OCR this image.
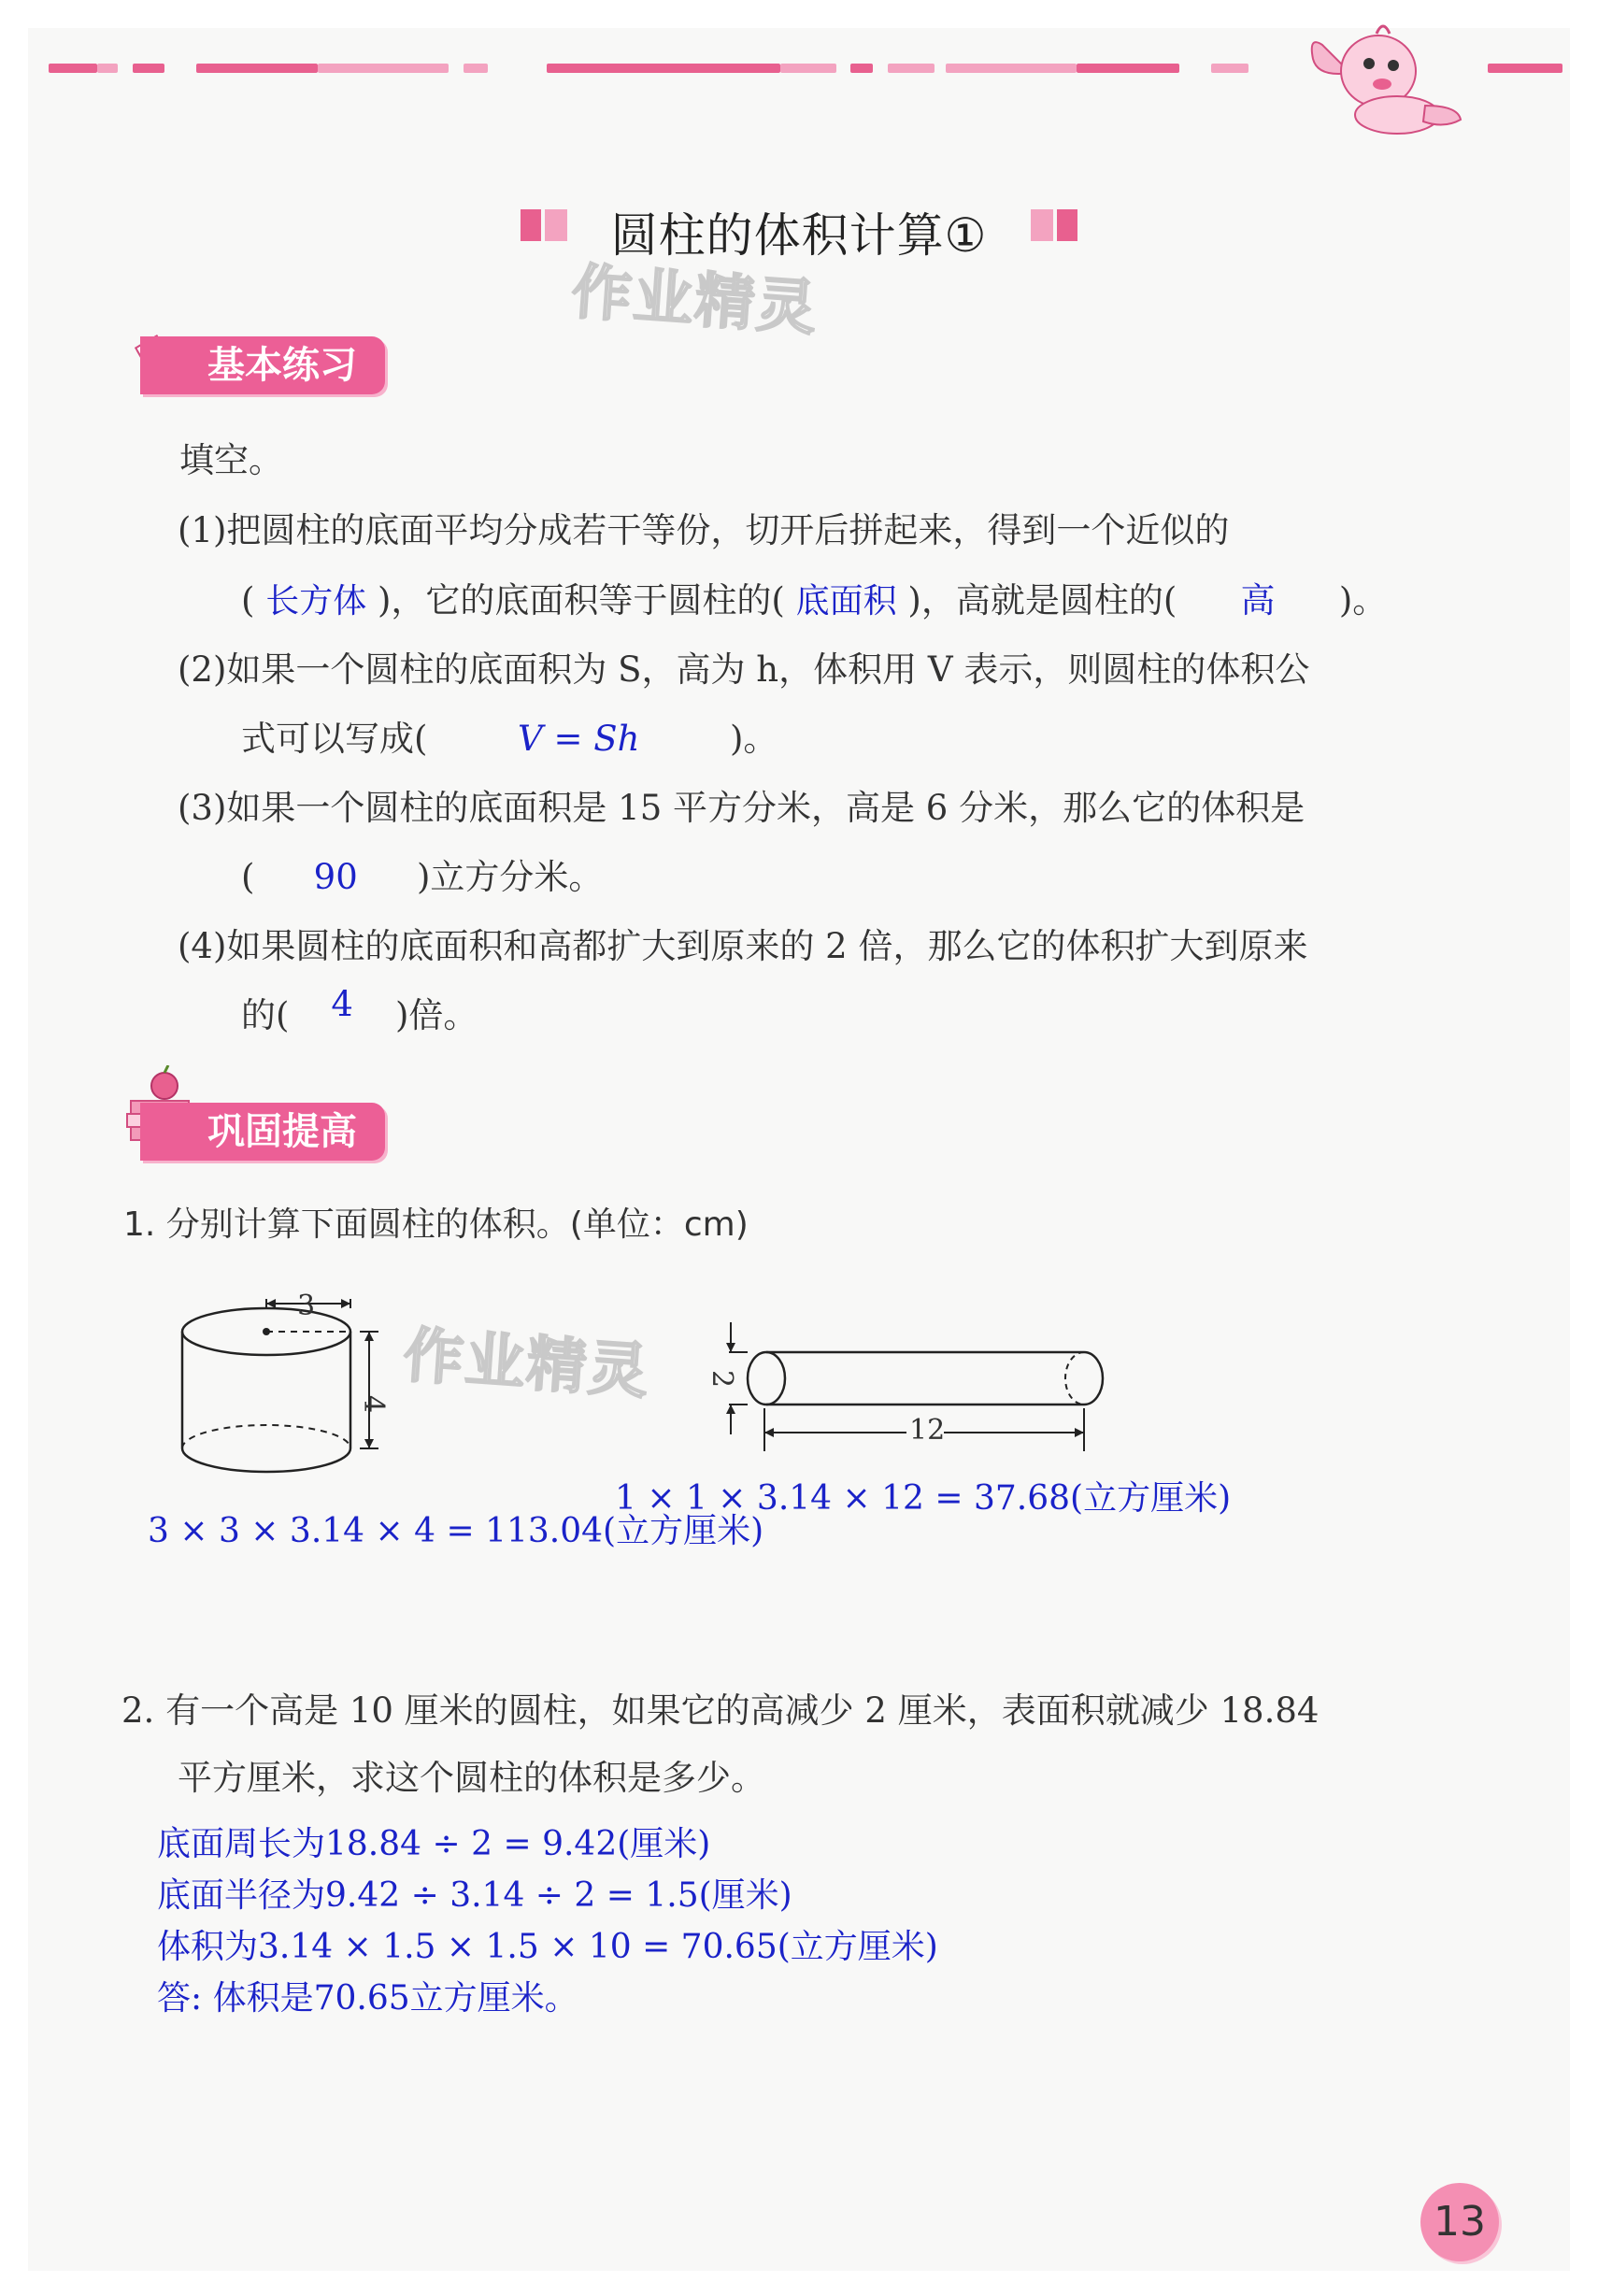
圆柱的体积计算①
作业精灵
基本练习
填空。
(1)把圆柱的底面平均分成若干等份，切开后拼起来，得到一个近似的
( 长方体 )，它的底面积等于圆柱的( 底面积 )，高就是圆柱的( 高 )。
(2)如果一个圆柱的底面积为 S，高为 h，体积用 V 表示，则圆柱的体积公
式可以写成(	V = Sh	)。
(3)如果一个圆柱的底面积是 15 平方分米，高是 6 分米，那么它的体积是
( 90 )立方分米。
(4)如果圆柱的底面积和高都扩大到原来的 2 倍，那么它的体积扩大到原来
的( 4 )倍。
巩固提高
1. 分别计算下面圆柱的体积。(单位：cm)
3
4 作业精灵 2
12
1 × 1 × 3.14 × 12 = 37.68(立方厘米)
3 × 3 × 3.14 × 4 = 113.04(立方厘米)
2. 有一个高是 10 厘米的圆柱，如果它的高减少 2 厘米，表面积就减少 18.84
平方厘米，求这个圆柱的体积是多少。
底面周长为18.84 ÷ 2 = 9.42(厘米)
底面半径为9.42 ÷ 3.14 ÷ 2 = 1.5(厘米)
体积为3.14 × 1.5 × 1.5 × 10 = 70.65(立方厘米)
答: 体积是70.65立方厘米。
13
